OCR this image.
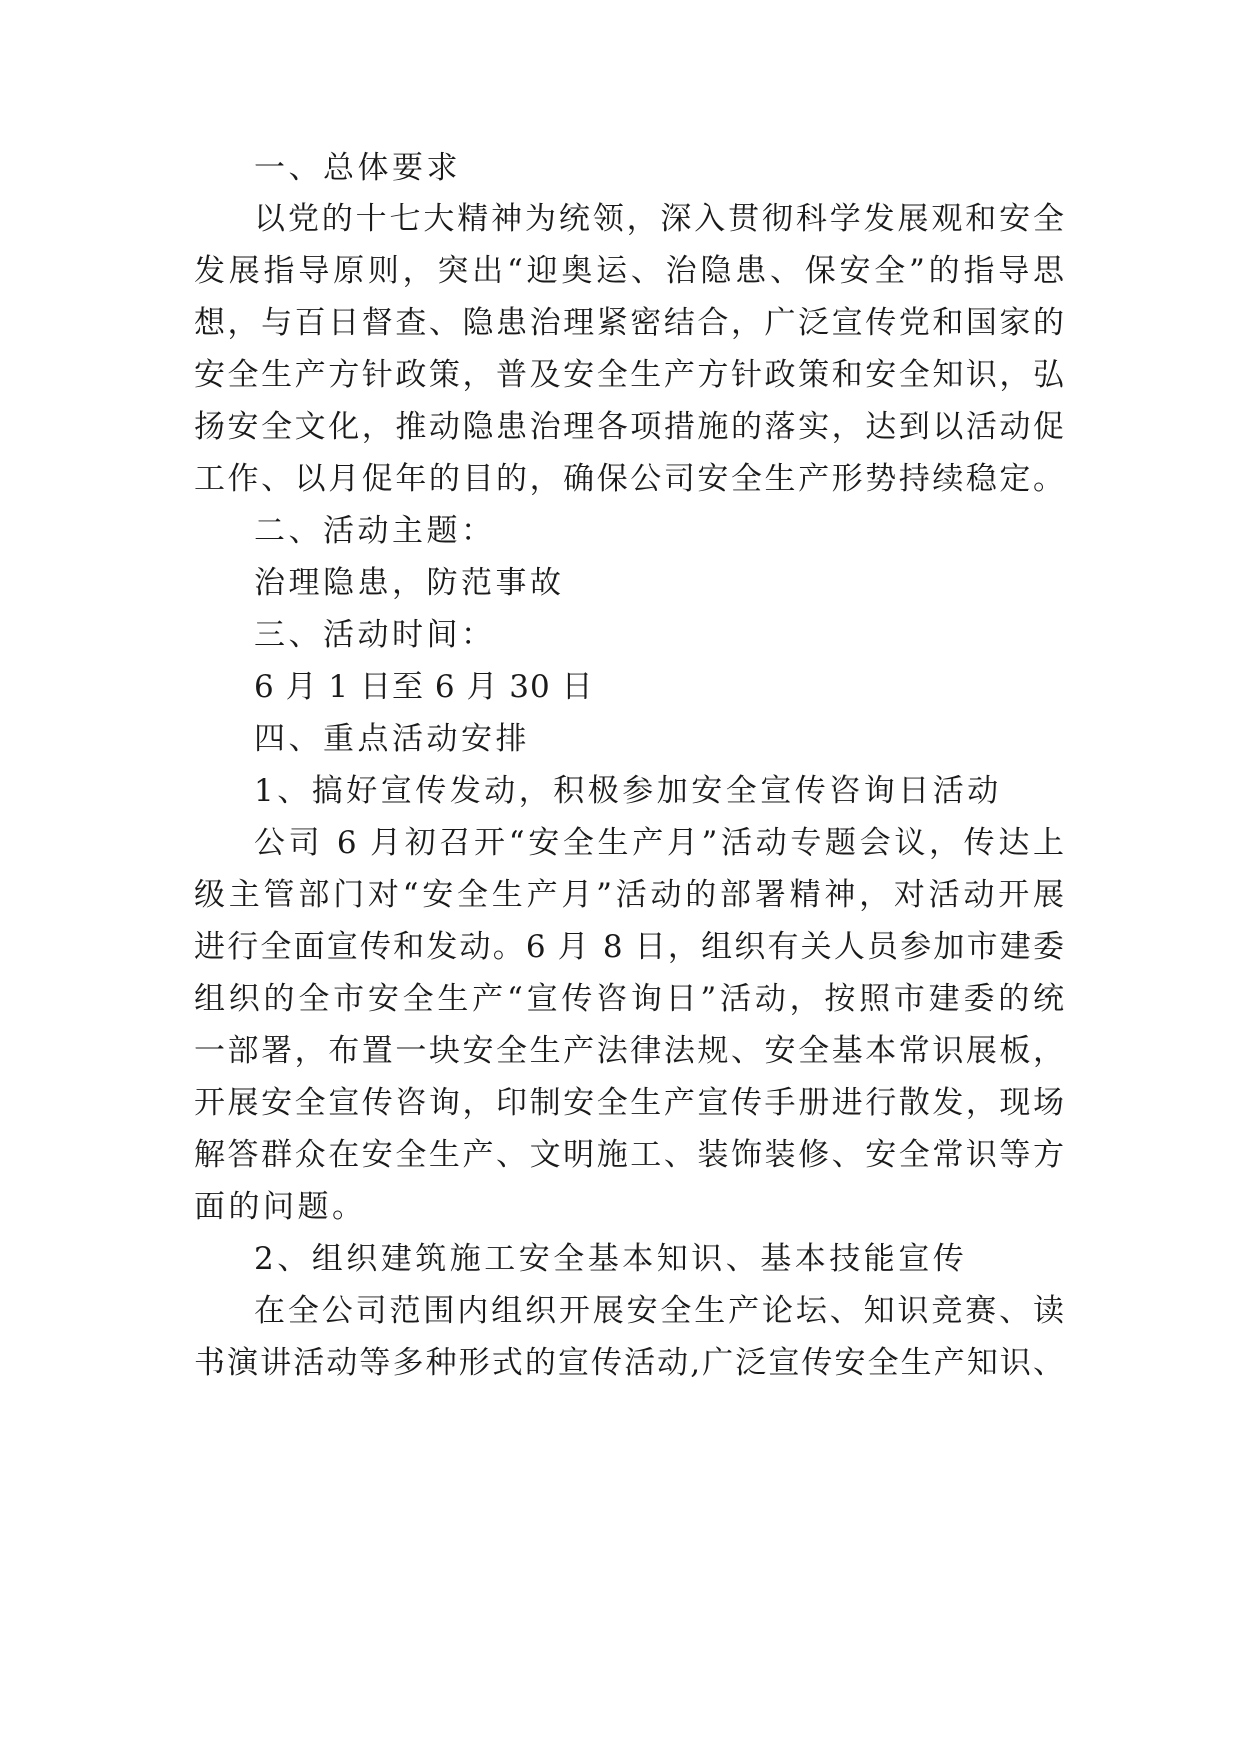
一、总体要求
以党的十七大精神为统领，深入贯彻科学发展观和安全
发展指导原则，突出“迎奥运、治隐患、保安全”的指导思
想，与百日督查、隐患治理紧密结合，广泛宣传党和国家的
安全生产方针政策，普及安全生产方针政策和安全知识，弘
扬安全文化，推动隐患治理各项措施的落实，达到以活动促
工作、以月促年的目的，确保公司安全生产形势持续稳定。
二、活动主题：
治理隐患，防范事故
三、活动时间：
6 月 1 日至 6 月 30 日
四、重点活动安排
1、搞好宣传发动，积极参加安全宣传咨询日活动
公司 6 月初召开“安全生产月”活动专题会议，传达上
级主管部门对“安全生产月”活动的部署精神，对活动开展
进行全面宣传和发动。6 月 8 日，组织有关人员参加市建委
组织的全市安全生产“宣传咨询日”活动，按照市建委的统
一部署，布置一块安全生产法律法规、安全基本常识展板，
开展安全宣传咨询，印制安全生产宣传手册进行散发，现场
解答群众在安全生产、文明施工、装饰装修、安全常识等方
面的问题。
2、组织建筑施工安全基本知识、基本技能宣传
在全公司范围内组织开展安全生产论坛、知识竞赛、读
书演讲活动等多种形式的宣传活动,广泛宣传安全生产知识、
